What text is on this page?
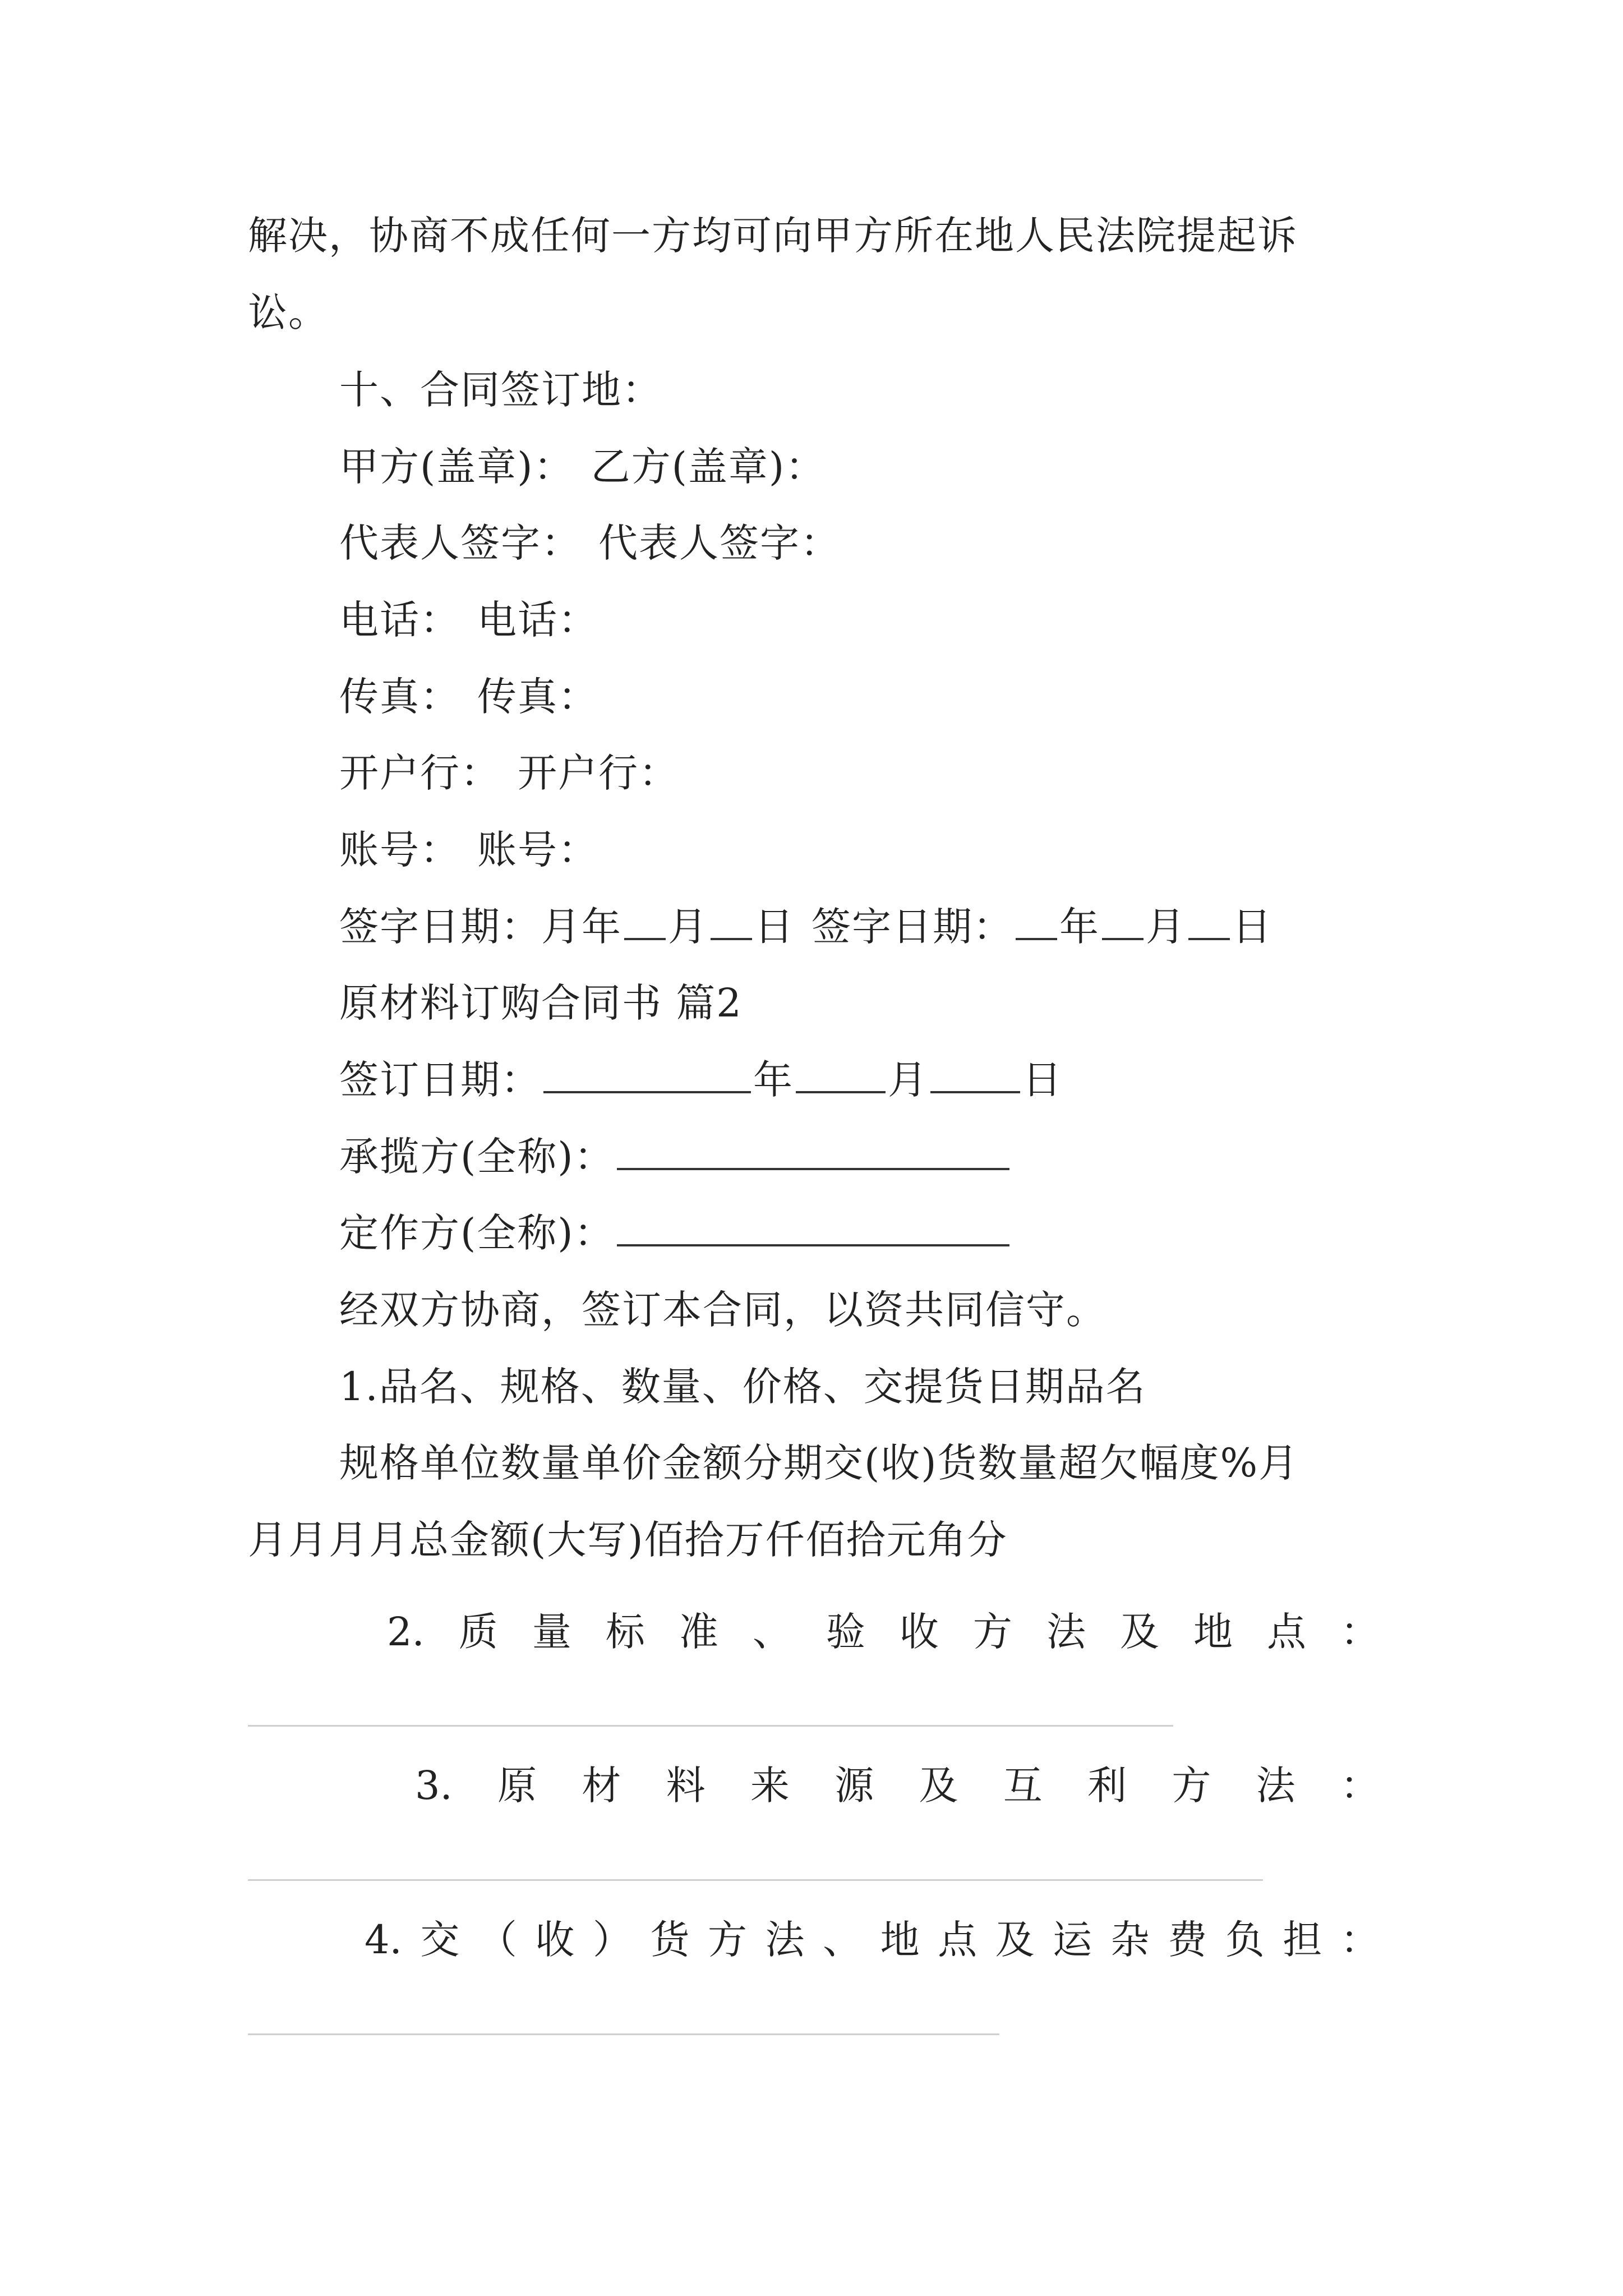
解决，协商不成任何一方均可向甲方所在地人民法院提起诉
讼。
十、合同签订地：
甲方(盖章)： 乙方(盖章)：
代表人签字： 代表人签字：
电话： 电话：
传真： 传真：
开户行： 开户行：
账号： 账号：
签字日期：月年 月 日 签字日期： 年 月 日
原材料订购合同书 篇2
签订日期：	年 月 日
承揽方(全称)：
定作方(全称)：
经双方协商，签订本合同，以资共同信守。
1.品名、规格、数量、价格、交提货日期品名
规格单位数量单价金额分期交(收)货数量超欠幅度%月
月月月月总金额(大写)佰拾万仟佰拾元角分
2. 质 量 标 准 、 验 收 方 法 及 地 点 ：
3. 原 材 料 来 源 及 互 利 方 法 ：
4. 交 （ 收 ） 货 方 法 、 地 点 及 运 杂 费 负 担 ：
